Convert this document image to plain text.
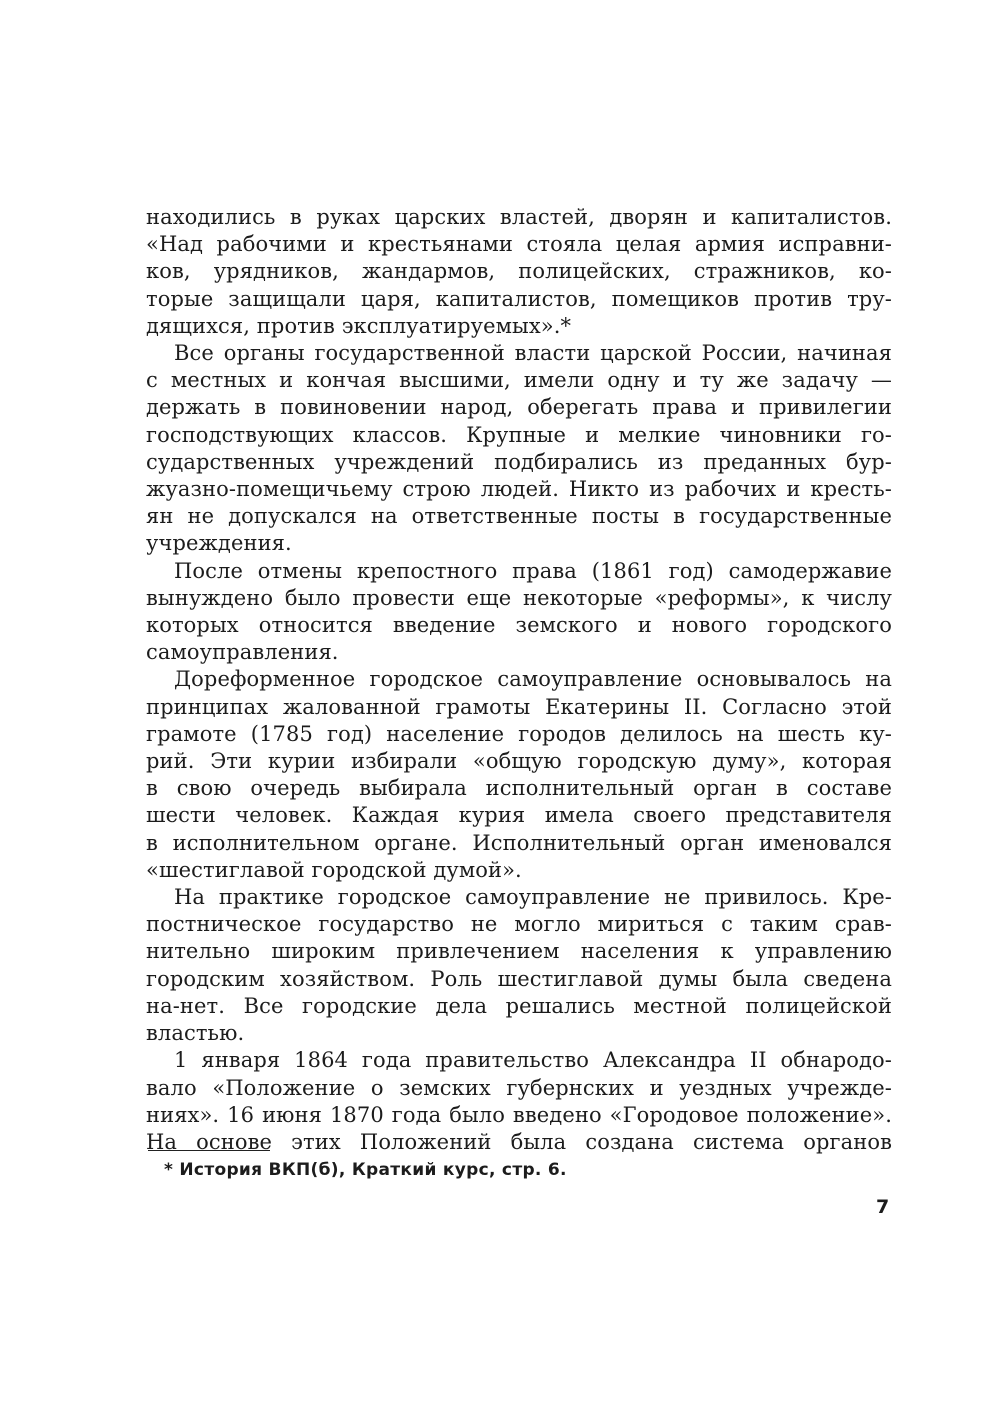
находились в руках царских властей, дворян и капиталистов.
«Над рабочими и крестьянами стояла целая армия исправни-
ков, урядников, жандармов, полицейских, стражников, ко-
торые защищали царя, капиталистов, помещиков против тру-
дящихся, против эксплуатируемых».*
Все органы государственной власти царской России, начиная
с местных и кончая высшими, имели одну и ту же задачу —
держать в повиновении народ, оберегать права и привилегии
господствующих классов. Крупные и мелкие чиновники го-
сударственных учреждений подбирались из преданных бур-
жуазно-помещичьему строю людей. Никто из рабочих и кресть-
ян не допускался на ответственные посты в государственные
учреждения.
После отмены крепостного права (1861 год) самодержавие
вынуждено было провести еще некоторые «реформы», к числу
которых относится введение земского и нового городского
самоуправления.
Дореформенное городское самоуправление основывалось на
принципах жалованной грамоты Екатерины II. Согласно этой
грамоте (1785 год) население городов делилось на шесть ку-
рий. Эти курии избирали «общую городскую думу», которая
в свою очередь выбирала исполнительный орган в составе
шести человек. Каждая курия имела своего представителя
в исполнительном органе. Исполнительный орган именовался
«шестиглавой городской думой».
На практике городское самоуправление не привилось. Кре-
постническое государство не могло мириться с таким срав-
нительно широким привлечением населения к управлению
городским хозяйством. Роль шестиглавой думы была сведена
на-нет. Все городские дела решались местной полицейской
властью.
1 января 1864 года правительство Александра II обнародо-
вало «Положение о земских губернских и уездных учрежде-
ниях». 16 июня 1870 года было введено «Городовое положение».
На основе этих Положений была создана система органов
* История ВКП(б), Краткий курс, стр. 6.
7
